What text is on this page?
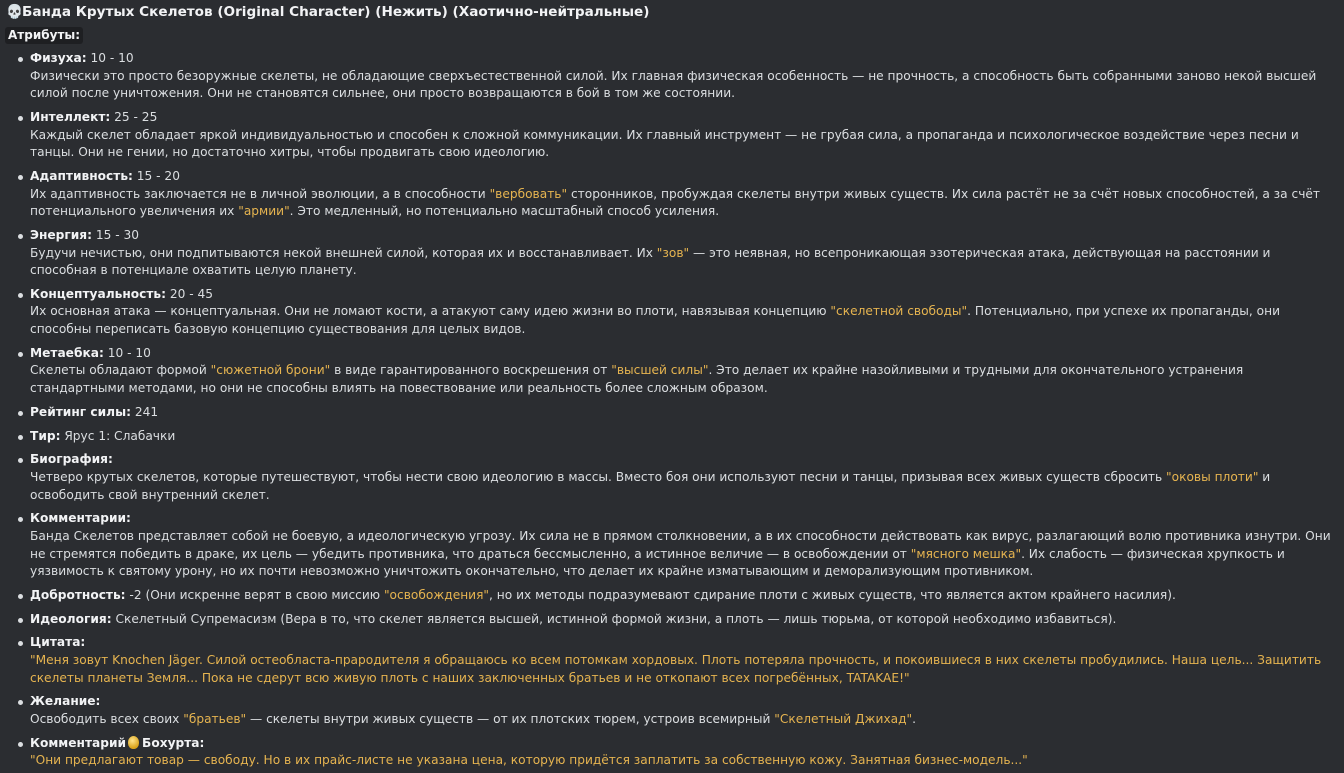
💀Банда Крутых Скелетов (Original Character) (Нежить) (Хаотично-нейтральные)
Атрибуты:
Физуха: 10 - 10
Физически это просто безоружные скелеты, не обладающие сверхъестественной силой. Их главная физическая особенность — не прочность, а способность быть собранными заново некой высшей силой после уничтожения. Они не становятся сильнее, они просто возвращаются в бой в том же состоянии.
Интеллект: 25 - 25
Каждый скелет обладает яркой индивидуальностью и способен к сложной коммуникации. Их главный инструмент — не грубая сила, а пропаганда и психологическое воздействие через песни и танцы. Они не гении, но достаточно хитры, чтобы продвигать свою идеологию.
Адаптивность: 15 - 20
Их адаптивность заключается не в личной эволюции, а в способности "вербовать" сторонников, пробуждая скелеты внутри живых существ. Их сила растёт не за счёт новых способностей, а за счёт потенциального увеличения их "армии". Это медленный, но потенциально масштабный способ усиления.
Энергия: 15 - 30
Будучи нечистью, они подпитываются некой внешней силой, которая их и восстанавливает. Их "зов" — это неявная, но всепроникающая эзотерическая атака, действующая на расстоянии и способная в потенциале охватить целую планету.
Концептуальность: 20 - 45
Их основная атака — концептуальная. Они не ломают кости, а атакуют саму идею жизни во плоти, навязывая концепцию "скелетной свободы". Потенциально, при успехе их пропаганды, они способны переписать базовую концепцию существования для целых видов.
Метаебка: 10 - 10
Скелеты обладают формой "сюжетной брони" в виде гарантированного воскрешения от "высшей силы". Это делает их крайне назойливыми и трудными для окончательного устранения стандартными методами, но они не способны влиять на повествование или реальность более сложным образом.
Рейтинг силы: 241
Тир: Ярус 1: Слабачки
Биография:
Четверо крутых скелетов, которые путешествуют, чтобы нести свою идеологию в массы. Вместо боя они используют песни и танцы, призывая всех живых существ сбросить "оковы плоти" и освободить свой внутренний скелет.
Комментарии:
Банда Скелетов представляет собой не боевую, а идеологическую угрозу. Их сила не в прямом столкновении, а в их способности действовать как вирус, разлагающий волю противника изнутри. Они не стремятся победить в драке, их цель — убедить противника, что драться бессмысленно, а истинное величие — в освобождении от "мясного мешка". Их слабость — физическая хрупкость и уязвимость к святому урону, но их почти невозможно уничтожить окончательно, что делает их крайне изматывающим и деморализующим противником.
Добротность: -2 (Они искренне верят в свою миссию "освобождения", но их методы подразумевают сдирание плоти с живых существ, что является актом крайнего насилия).
Идеология: Скелетный Супремасизм (Вера в то, что скелет является высшей, истинной формой жизни, а плоть — лишь тюрьма, от которой необходимо избавиться).
Цитата:
"Меня зовут Knochen Jäger. Силой остеобласта-прародителя я обращаюсь ко всем потомкам хордовых. Плоть потеряла прочность, и покоившиеся в них скелеты пробудились. Наша цель... Защитить скелеты планеты Земля... Пока не сдерут всю живую плоть с наших заключенных братьев и не откопают всех погребённых, TATAKAE!"
Желание:
Освободить всех своих "братьев" — скелеты внутри живых существ — от их плотских тюрем, устроив всемирный "Скелетный Джихад".
Комментарий Бохурта:
"Они предлагают товар — свободу. Но в их прайс-листе не указана цена, которую придётся заплатить за собственную кожу. Занятная бизнес-модель..."
